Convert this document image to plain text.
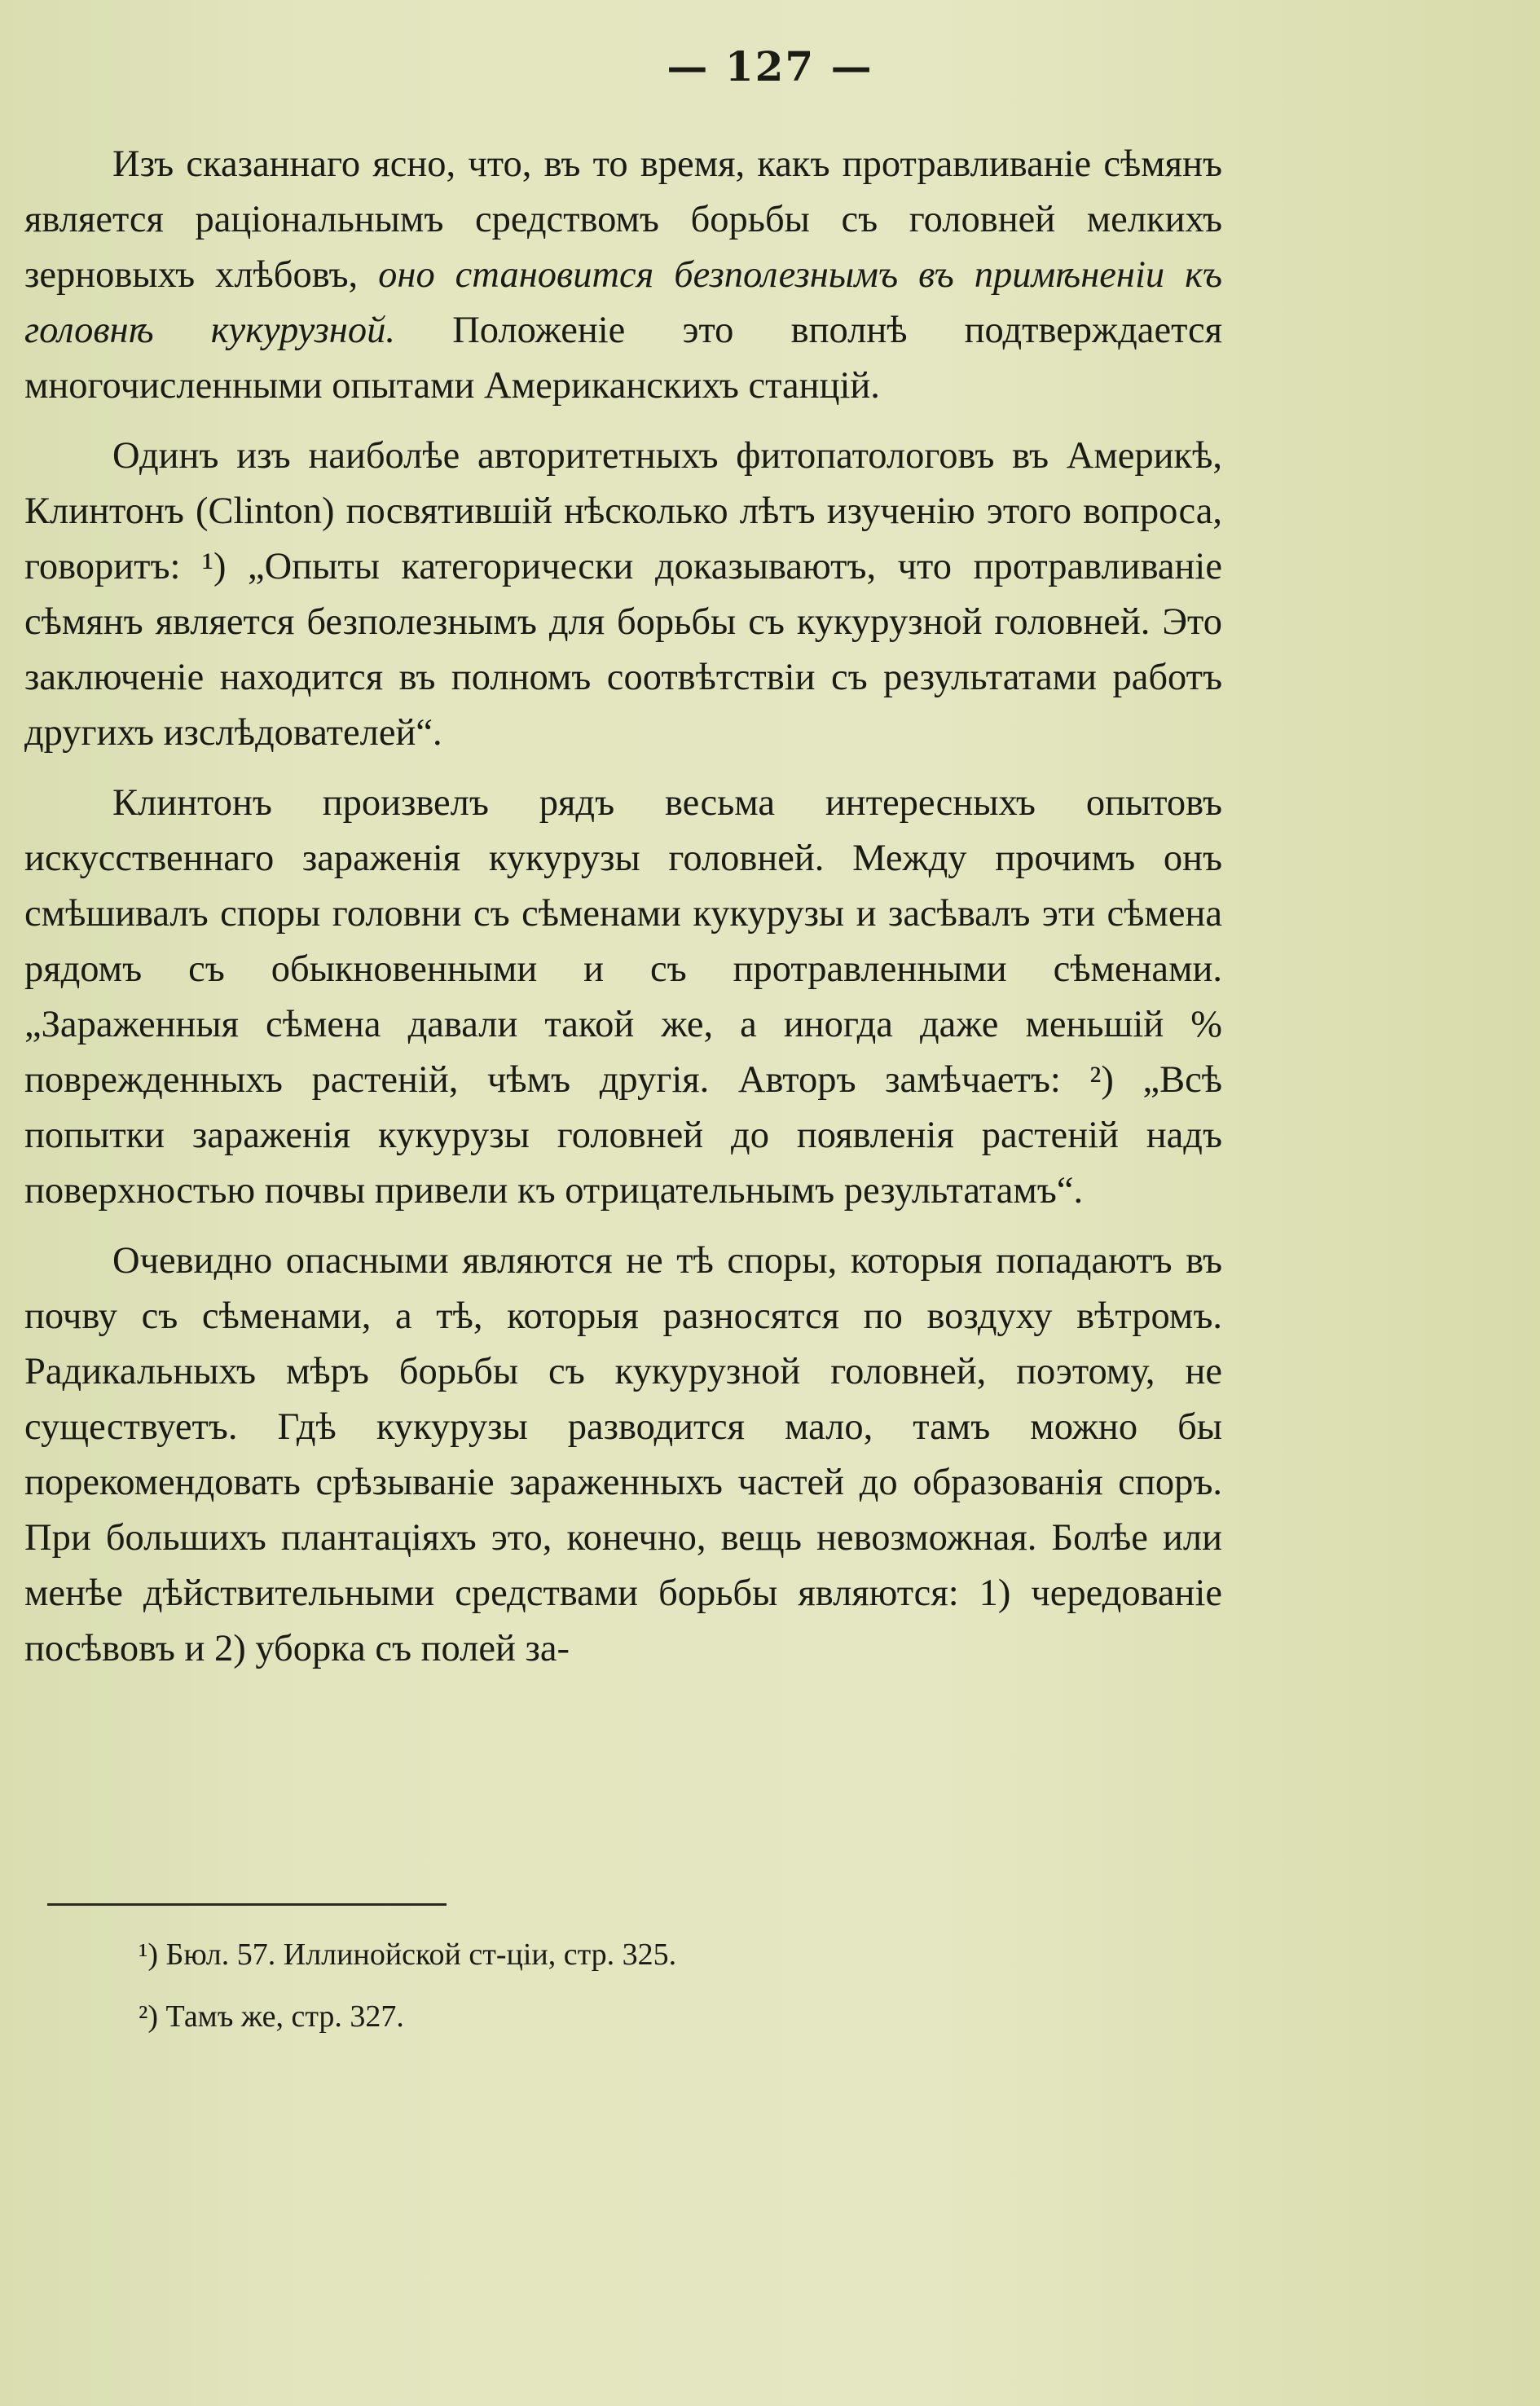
— 127 —

Изъ сказаннаго ясно, что, въ то время, какъ протравливаніе сѣмянъ является раціональнымъ средствомъ борьбы съ головней мелкихъ зерновыхъ хлѣбовъ, оно становится безполезнымъ въ примѣненіи къ головнѣ кукурузной. Положеніе это вполнѣ подтверждается многочисленными опытами Американскихъ станцій.

Одинъ изъ наиболѣе авторитетныхъ фитопатологовъ въ Америкѣ, Клинтонъ (Clinton) посвятившій нѣсколько лѣтъ изученію этого вопроса, говоритъ: ¹) „Опыты категорически доказываютъ, что протравливаніе сѣмянъ является безполезнымъ для борьбы съ кукурузной головней. Это заключеніе находится въ полномъ соотвѣтствіи съ результатами работъ другихъ изслѣдователей“.

Клинтонъ произвелъ рядъ весьма интересныхъ опытовъ искусственнаго зараженія кукурузы головней. Между прочимъ онъ смѣшивалъ споры головни съ сѣменами кукурузы и засѣвалъ эти сѣмена рядомъ съ обыкновенными и съ протравленными сѣменами. „Зараженныя сѣмена давали такой же, а иногда даже меньшій % поврежденныхъ растеній, чѣмъ другія. Авторъ замѣчаетъ: ²) „Всѣ попытки зараженія кукурузы головней до появленія растеній надъ поверхностью почвы привели къ отрицательнымъ результатамъ“.

Очевидно опасными являются не тѣ споры, которыя попадаютъ въ почву съ сѣменами, а тѣ, которыя разносятся по воздуху вѣтромъ. Радикальныхъ мѣръ борьбы съ кукурузной головней, поэтому, не существуетъ. Гдѣ кукурузы разводится мало, тамъ можно бы порекомендовать срѣзываніе зараженныхъ частей до образованія споръ. При большихъ плантаціяхъ это, конечно, вещь невозможная. Болѣе или менѣе дѣйствительными средствами борьбы являются: 1) чередованіе посѣвовъ и 2) уборка съ полей за-

¹) Бюл. 57. Иллинойской ст-ціи, стр. 325.

²) Тамъ же, стр. 327.
